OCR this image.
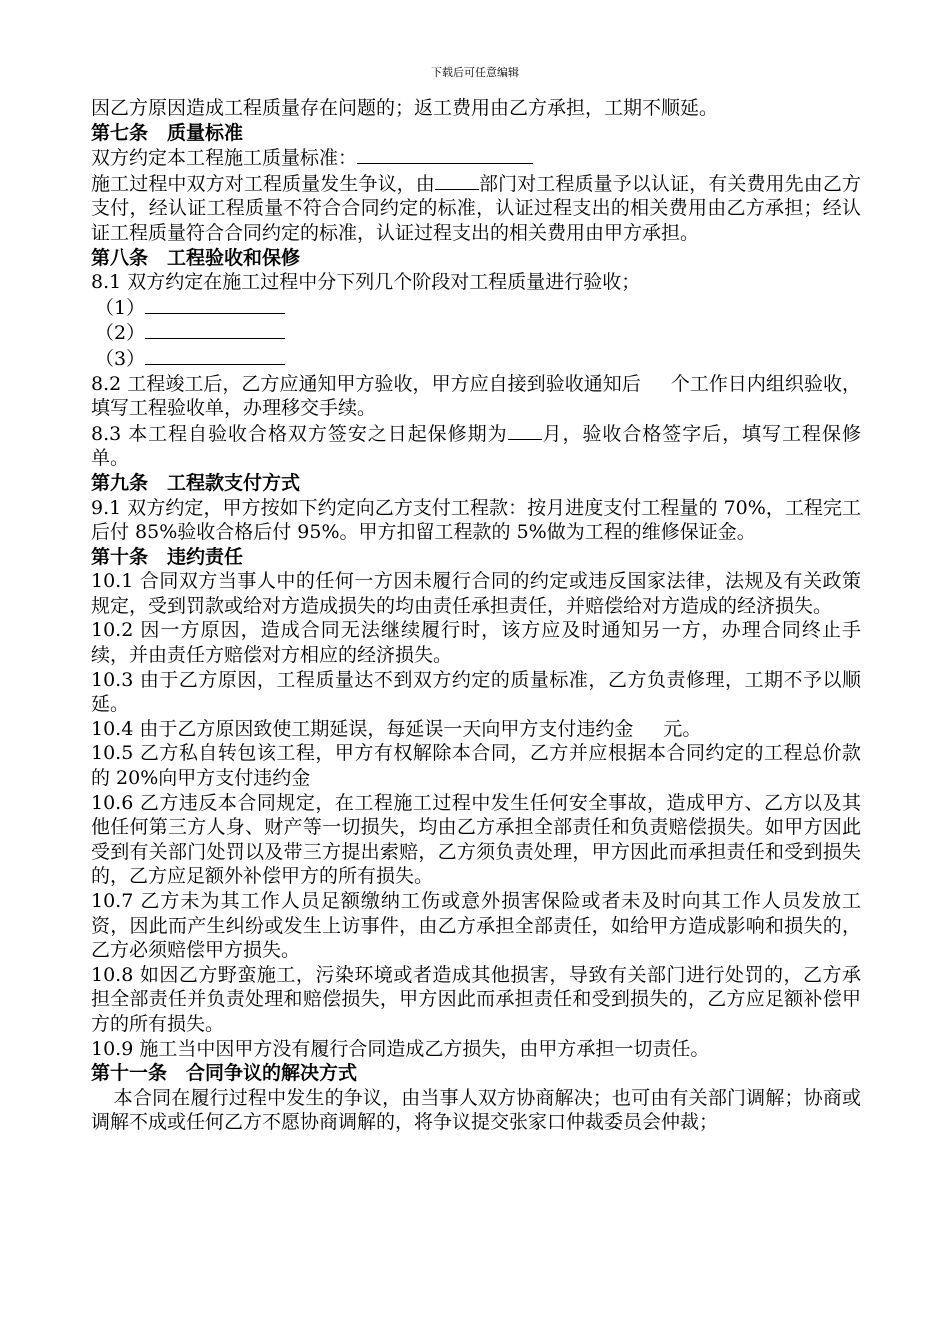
下载后可任意编辑

因乙方原因造成工程质量存在问题的；返工费用由乙方承担，工期不顺延。

第七条　质量标准

双方约定本工程施工质量标准：

施工过程中双方对工程质量发生争议，由 部门对工程质量予以认证，有关费用先由乙方支付，经认证工程质量不符合合同约定的标准，认证过程支出的相关费用由乙方承担；经认证工程质量符合合同约定的标准，认证过程支出的相关费用由甲方承担。

第八条　工程验收和保修

8.1 双方约定在施工过程中分下列几个阶段对工程质量进行验收；

（1）

（2）

（3）

8.2 工程竣工后，乙方应通知甲方验收，甲方应自接到验收通知后 个工作日内组织验收，填写工程验收单，办理移交手续。

8.3 本工程自验收合格双方签安之日起保修期为 月，验收合格签字后，填写工程保修单。

第九条　工程款支付方式

9.1 双方约定，甲方按如下约定向乙方支付工程款：按月进度支付工程量的 70%，工程完工后付 85%验收合格后付 95%。甲方扣留工程款的 5%做为工程的维修保证金。

第十条　违约责任

10.1 合同双方当事人中的任何一方因未履行合同的约定或违反国家法律，法规及有关政策规定，受到罚款或给对方造成损失的均由责任承担责任，并赔偿给对方造成的经济损失。

10.2 因一方原因，造成合同无法继续履行时，该方应及时通知另一方，办理合同终止手续，并由责任方赔偿对方相应的经济损失。

10.3 由于乙方原因，工程质量达不到双方约定的质量标准，乙方负责修理，工期不予以顺延。

10.4 由于乙方原因致使工期延误，每延误一天向甲方支付违约金 元。

10.5 乙方私自转包该工程，甲方有权解除本合同，乙方并应根据本合同约定的工程总价款的 20%向甲方支付违约金

10.6 乙方违反本合同规定，在工程施工过程中发生任何安全事故，造成甲方、乙方以及其他任何第三方人身、财产等一切损失，均由乙方承担全部责任和负责赔偿损失。如甲方因此受到有关部门处罚以及带三方提出索赔，乙方须负责处理，甲方因此而承担责任和受到损失的，乙方应足额外补偿甲方的所有损失。

10.7 乙方未为其工作人员足额缴纳工伤或意外损害保险或者未及时向其工作人员发放工资，因此而产生纠纷或发生上访事件，由乙方承担全部责任，如给甲方造成影响和损失的，乙方必须赔偿甲方损失。

10.8 如因乙方野蛮施工，污染环境或者造成其他损害，导致有关部门进行处罚的，乙方承担全部责任并负责处理和赔偿损失，甲方因此而承担责任和受到损失的，乙方应足额补偿甲方的所有损失。

10.9 施工当中因甲方没有履行合同造成乙方损失，由甲方承担一切责任。

第十一条　合同争议的解决方式

本合同在履行过程中发生的争议，由当事人双方协商解决；也可由有关部门调解；协商或调解不成或任何乙方不愿协商调解的，将争议提交张家口仲裁委员会仲裁；
